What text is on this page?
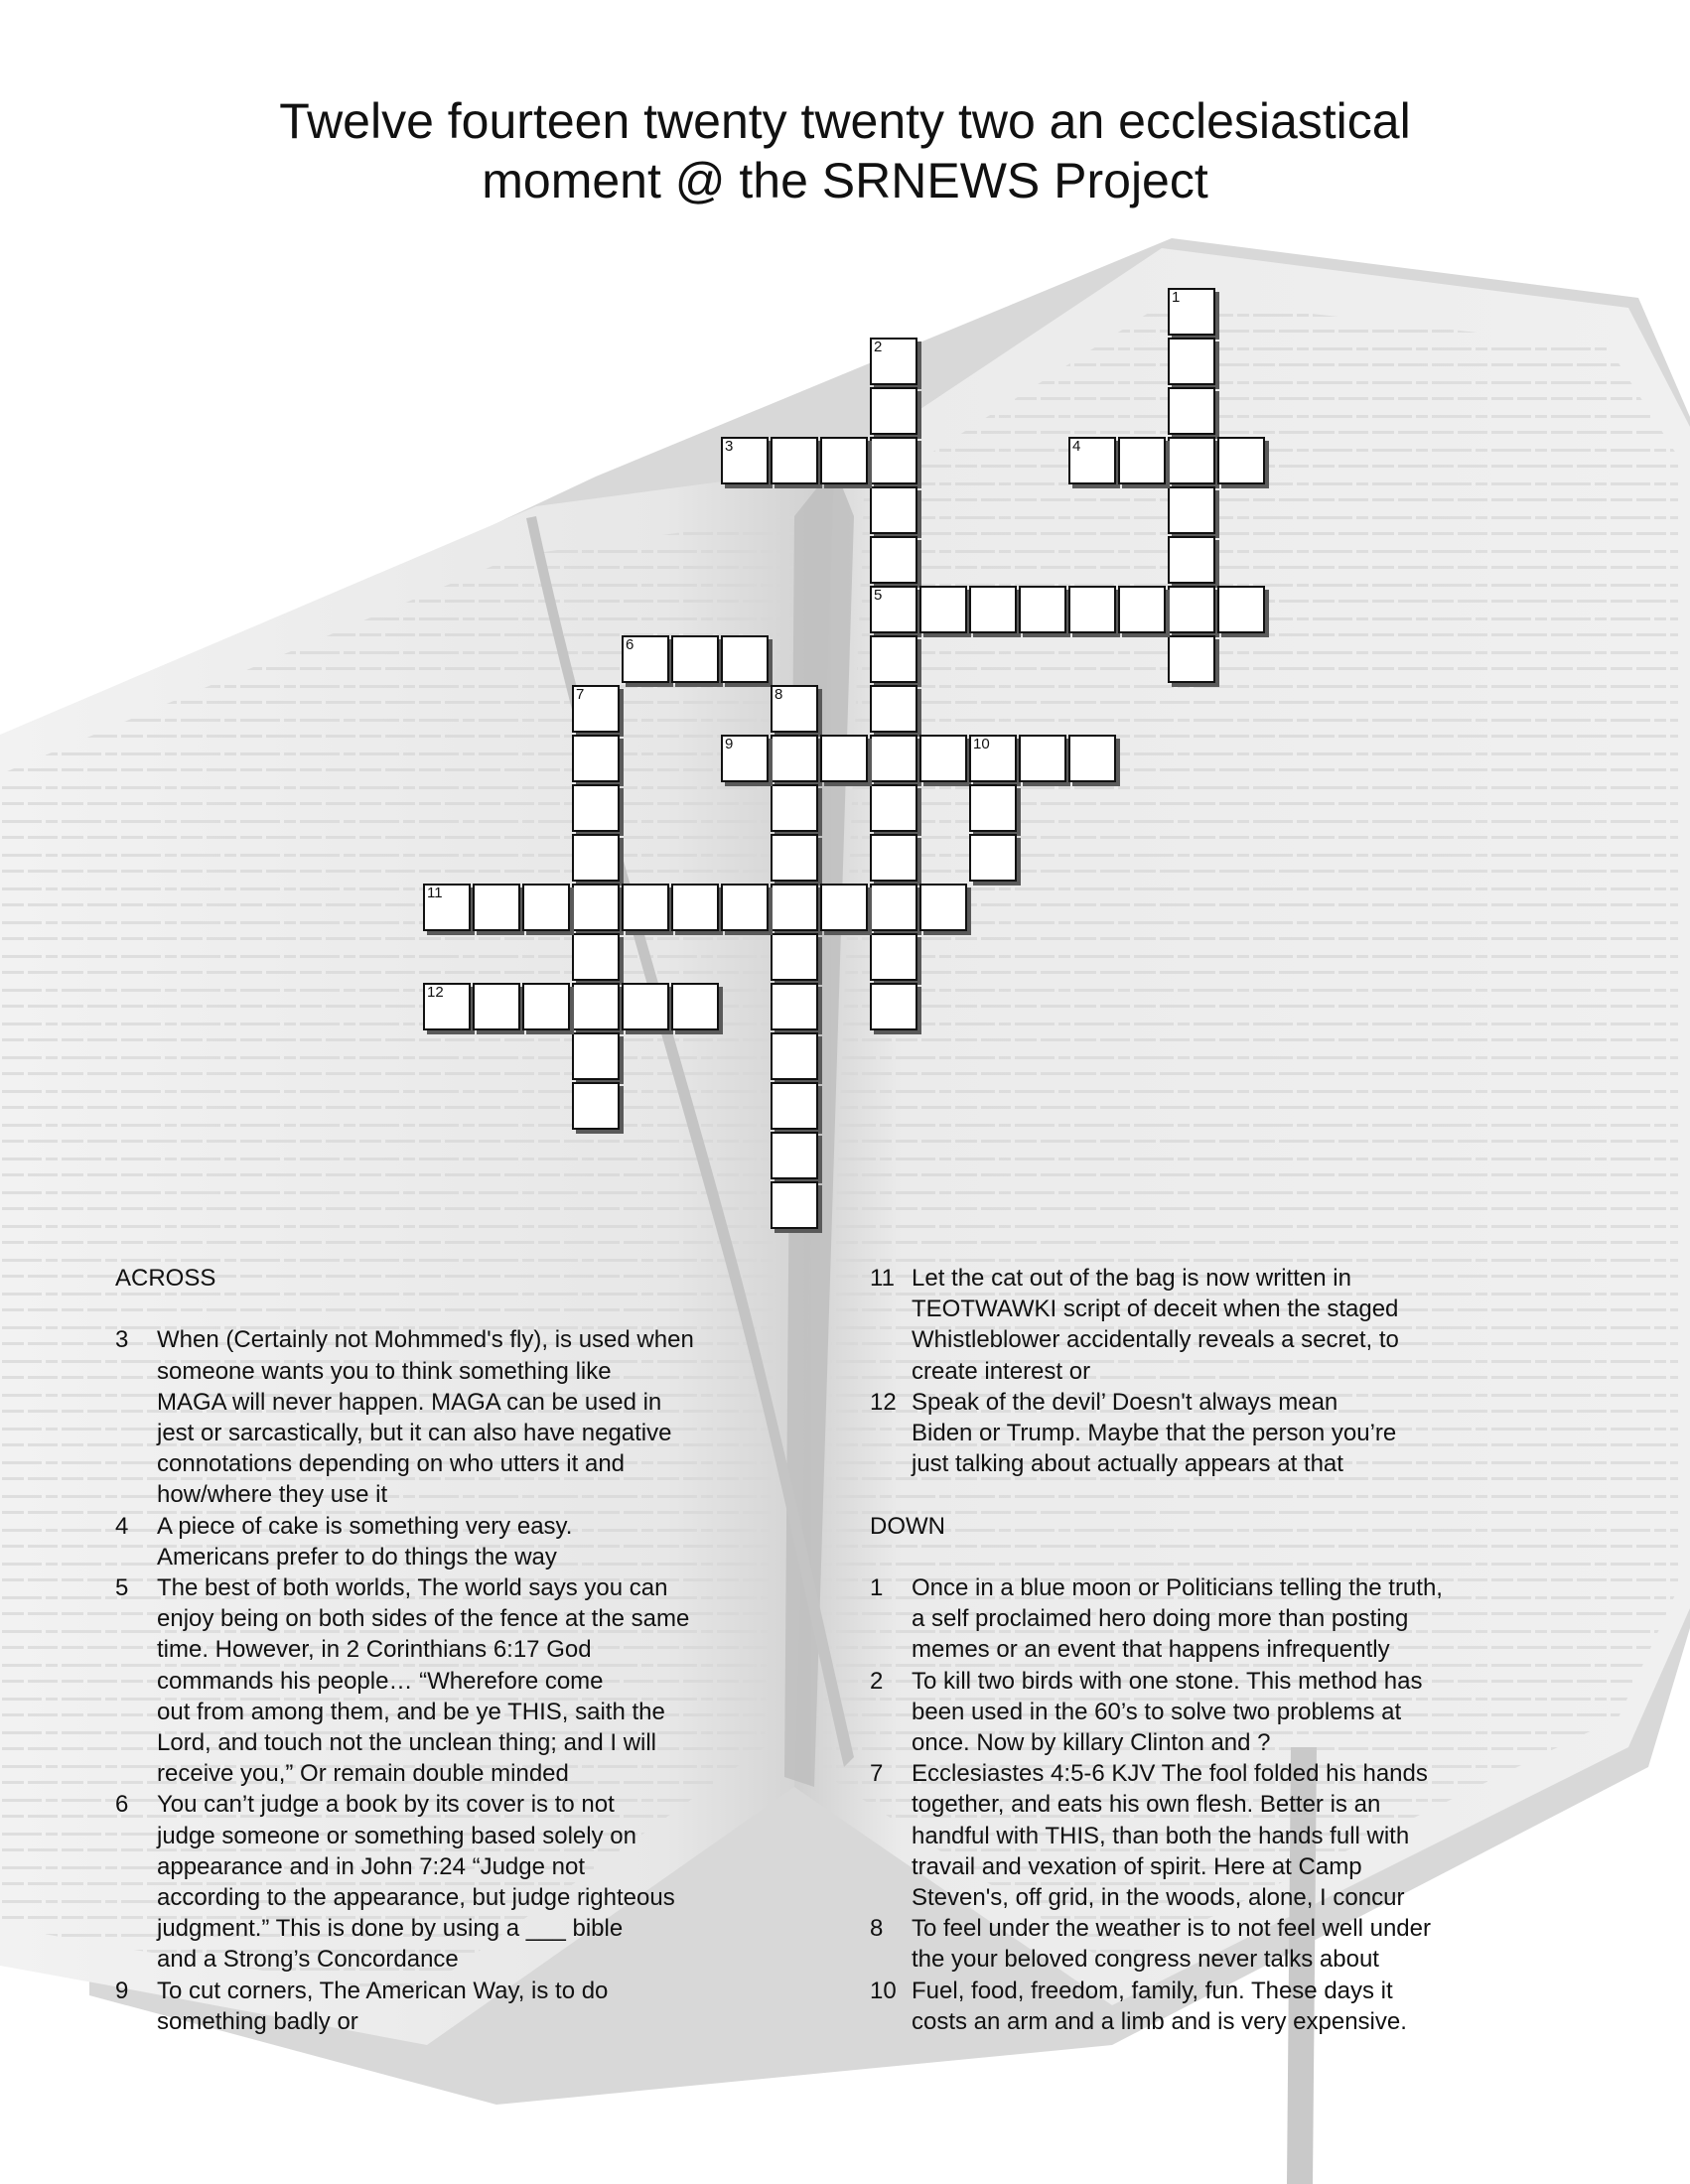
Twelve fourteen twenty twenty two an ecclesiastical
moment @ the SRNEWS Project
1
2
5
3	4
6
7	8
9	10
11
12
ACROSS
3	When (Certainly not Mohmmed's fly), is used when
someone wants you to think something like
MAGA will never happen. MAGA can be used in
jest or sarcastically, but it can also have negative
connotations depending on who utters it and
how/where they use it
4	A piece of cake is something very easy.
Americans prefer to do things the way
5	The best of both worlds, The world says you can
enjoy being on both sides of the fence at the same
time. However, in 2 Corinthians 6:17 God
commands his people… “Wherefore come
out from among them, and be ye THIS, saith the
Lord, and touch not the unclean thing; and I will
receive you,” Or remain double minded
6	You can’t judge a book by its cover is to not
judge someone or something based solely on
appearance and in John 7:24 “Judge not
according to the appearance, but judge righteous
judgment.” This is done by using a ___ bible
and a Strong’s Concordance
9	To cut corners, The American Way, is to do
something badly or
11 Let the cat out of the bag is now written in
TEOTWAWKI script of deceit when the staged
Whistleblower accidentally reveals a secret, to
create interest or
12 Speak of the devil’ Doesn't always mean
Biden or Trump. Maybe that the person you’re
just talking about actually appears at that
DOWN
1	Once in a blue moon or Politicians telling the truth,
a self proclaimed hero doing more than posting
memes or an event that happens infrequently
2	To kill two birds with one stone. This method has
been used in the 60’s to solve two problems at
once. Now by killary Clinton and ?
7	Ecclesiastes 4:5-6 KJV The fool folded his hands
together, and eats his own flesh. Better is an
handful with THIS, than both the hands full with
travail and vexation of spirit. Here at Camp
Steven's, off grid, in the woods, alone, I concur
8	To feel under the weather is to not feel well under
the your beloved congress never talks about
10 Fuel, food, freedom, family, fun. These days it
costs an arm and a limb and is very expensive.
